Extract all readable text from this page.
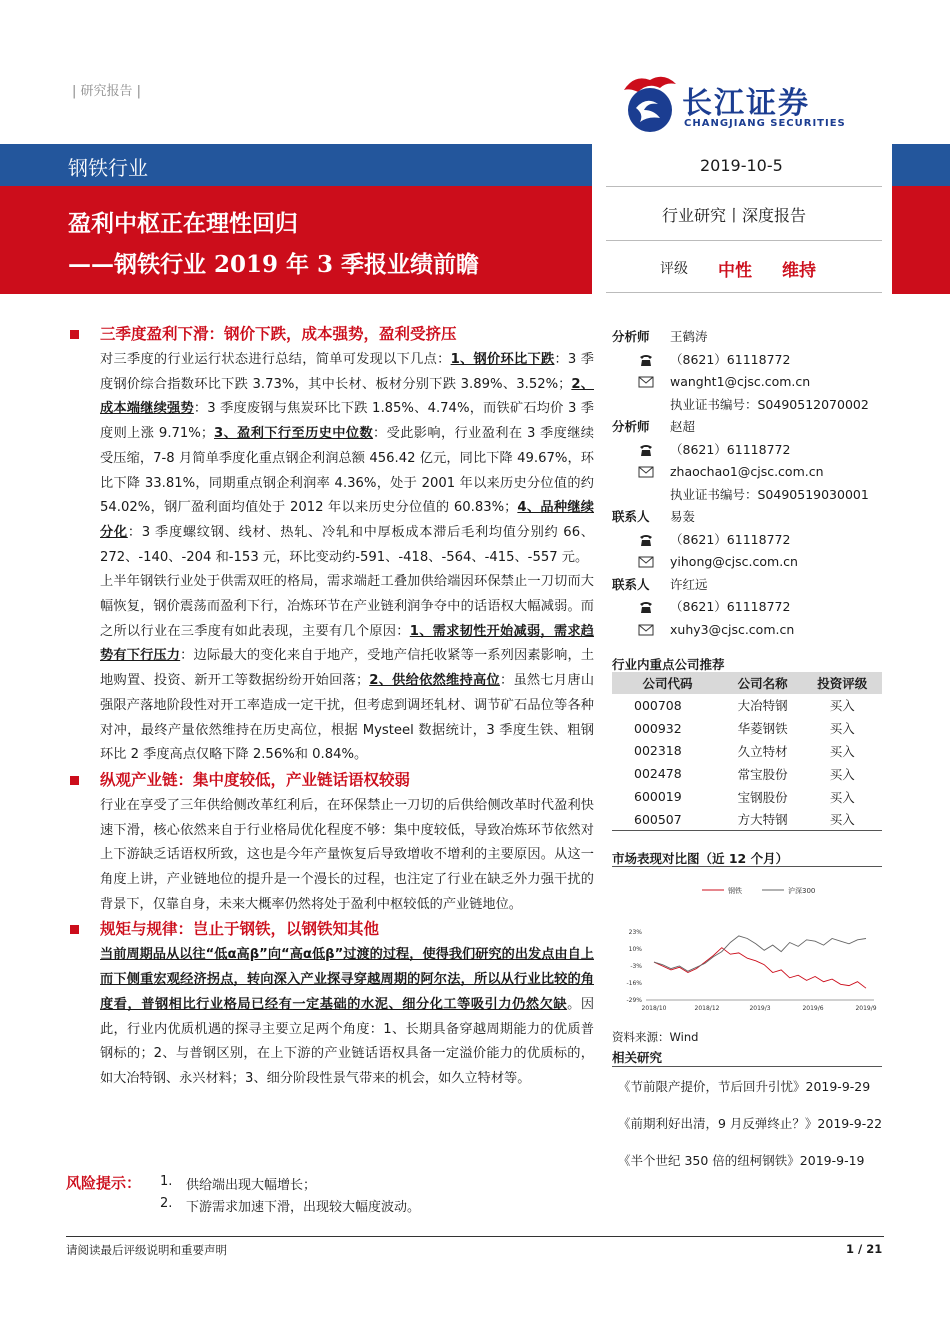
| 研究报告 |	长江证券
CHANGJIANG SECURITIES
钢铁行业
盈利中枢正在理性回归
——钢铁行业 2019 年 3 季报业绩前瞻
2019-10-5
行业研究丨深度报告
评级 中性 维持
三季度盈利下滑：钢价下跌，成本强势，盈利受挤压
对三季度的行业运行状态进行总结，简单可发现以下几点：1、钢价环比下跌：3 季度钢价综合指数环比下跌 3.73%，其中长材、板材分别下跌 3.89%、3.52%；2、成本端继续强势：3 季度废钢与焦炭环比下跌 1.85%、4.74%，而铁矿石均价 3 季度则上涨 9.71%；3、盈利下行至历史中位数：受此影响，行业盈利在 3 季度继续受压缩，7-8 月简单季度化重点钢企利润总额 456.42 亿元，同比下降 49.67%，环比下降 33.81%，同期重点钢企利润率 4.36%，处于 2001 年以来历史分位值的约 54.02%，钢厂盈利面均值处于 2012 年以来历史分位值的 60.83%；4、品种继续分化：3 季度螺纹钢、线材、热轧、冷轧和中厚板成本滞后毛利均值分别约 66、272、-140、-204 和-153 元，环比变动约-591、-418、-564、-415、-557 元。
上半年钢铁行业处于供需双旺的格局，需求端赶工叠加供给端因环保禁止一刀切而大幅恢复，钢价震荡而盈利下行，冶炼环节在产业链利润争夺中的话语权大幅减弱。而之所以行业在三季度有如此表现，主要有几个原因：1、需求韧性开始减弱，需求趋势有下行压力：边际最大的变化来自于地产，受地产信托收紧等一系列因素影响，土地购置、投资、新开工等数据纷纷开始回落；2、供给依然维持高位：虽然七月唐山强限产落地阶段性对开工率造成一定干扰，但考虑到调坯轧材、调节矿石品位等各种对冲，最终产量依然维持在历史高位，根据 Mysteel 数据统计，3 季度生铁、粗钢环比 2 季度高点仅略下降 2.56%和 0.84%。
纵观产业链：集中度较低，产业链话语权较弱
行业在享受了三年供给侧改革红利后，在环保禁止一刀切的后供给侧改革时代盈利快速下滑，核心依然来自于行业格局优化程度不够：集中度较低，导致冶炼环节依然对上下游缺乏话语权所致，这也是今年产量恢复后导致增收不增利的主要原因。从这一角度上讲，产业链地位的提升是一个漫长的过程，也注定了行业在缺乏外力强干扰的背景下，仅靠自身，未来大概率仍然将处于盈利中枢较低的产业链地位。
规矩与规律：岂止于钢铁，以钢铁知其他
当前周期品从以往“低α高β”向“高α低β”过渡的过程，使得我们研究的出发点由自上而下侧重宏观经济拐点，转向深入产业探寻穿越周期的阿尔法，所以从行业比较的角度看，普钢相比行业格局已经有一定基础的水泥、细分化工等吸引力仍然欠缺。因此，行业内优质机遇的探寻主要立足两个角度：1、长期具备穿越周期能力的优质普钢标的；2、与普钢区别，在上下游的产业链话语权具备一定溢价能力的优质标的，如大冶特钢、永兴材料；3、细分阶段性景气带来的机会，如久立特材等。
风险提示： 1. 供给端出现大幅增长；
2. 下游需求加速下滑，出现较大幅度波动。
分析师 王鹤涛
（8621）61118772
wanght1@cjsc.com.cn
执业证书编号：S0490512070002
分析师 赵超
（8621）61118772
zhaochao1@cjsc.com.cn
执业证书编号：S0490519030001
联系人 易轰
（8621）61118772
yihong@cjsc.com.cn
联系人 许红远
（8621）61118772
xuhy3@cjsc.com.cn
行业内重点公司推荐
公司代码	公司名称	投资评级
000708	大冶特钢	买入
000932	华菱钢铁	买入
002318	久立特材	买入
002478	常宝股份	买入
600019	宝钢股份	买入
600507	方大特钢	买入
市场表现对比图（近 12 个月）
钢铁	沪深300
23%
10%
-3%
-16%
-29%
2018/10	2018/12	2019/3	2019/6	2019/9
资料来源：Wind
相关研究
《节前限产提价，节后回升引忧》2019-9-29
《前期利好出清，9 月反弹终止？》2019-9-22
《半个世纪 350 倍的纽柯钢铁》2019-9-19
请阅读最后评级说明和重要声明	1 / 21
